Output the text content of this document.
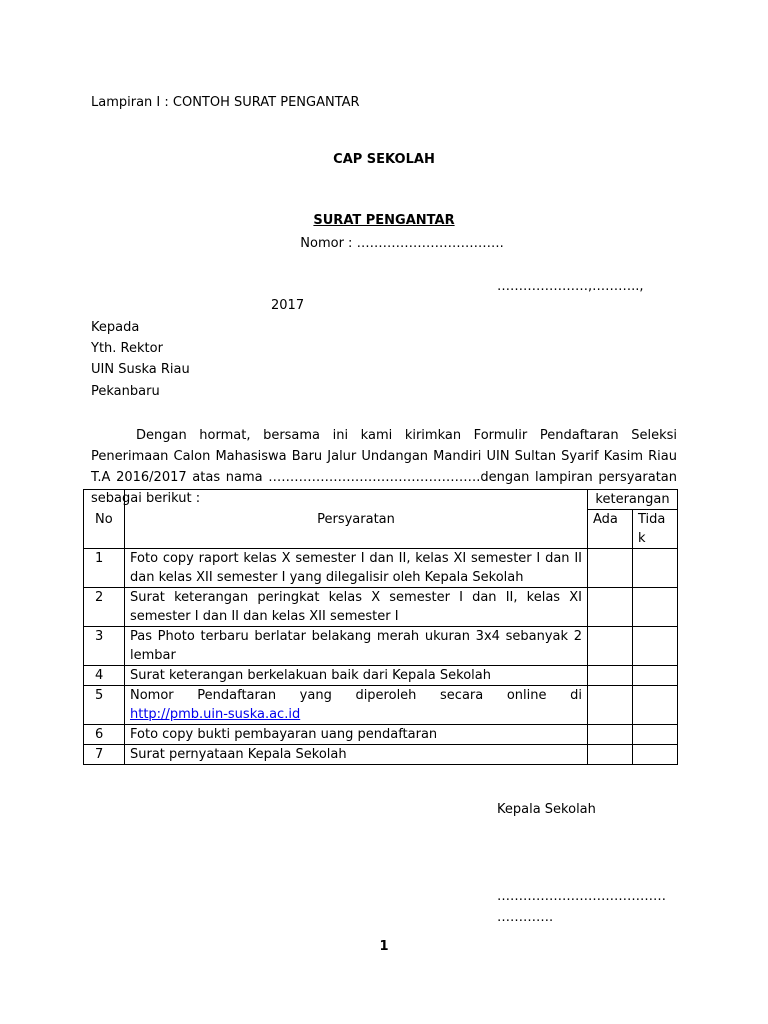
Lampiran I : CONTOH SURAT PENGANTAR
CAP SEKOLAH
SURAT PENGANTAR
Nomor : …………………………….
…………………,………..,
2017
Kepada
Yth. Rektor
UIN Suska Riau
Pekanbaru
Dengan hormat, bersama ini kami kirimkan Formulir Pendaftaran Seleksi Penerimaan Calon Mahasiswa Baru Jalur Undangan Mandiri UIN Sultan Syarif Kasim Riau T.A 2016/2017 atas nama ………………………………………….dengan lampiran persyaratan sebagai berikut :
No	Persyaratan	keterangan	
		Ada	Tida k
1	Foto copy raport kelas X semester I dan II, kelas XI semester I dan II dan kelas XII semester I yang dilegalisir oleh Kepala Sekolah		
2	Surat keterangan peringkat kelas X semester I dan II, kelas XI semester I dan II dan kelas XII semester I		
3	Pas Photo terbaru berlatar belakang merah ukuran 3x4 sebanyak 2 lembar		
4	Surat keterangan berkelakuan baik dari Kepala Sekolah		
5	Nomor Pendaftaran yang diperoleh secara online di
http://pmb.uin-suska.ac.id		

6	Foto copy bukti pembayaran uang pendaftaran		
7	Surat pernyataan Kepala Sekolah		
Kepala Sekolah
…………………………………
………….
1
